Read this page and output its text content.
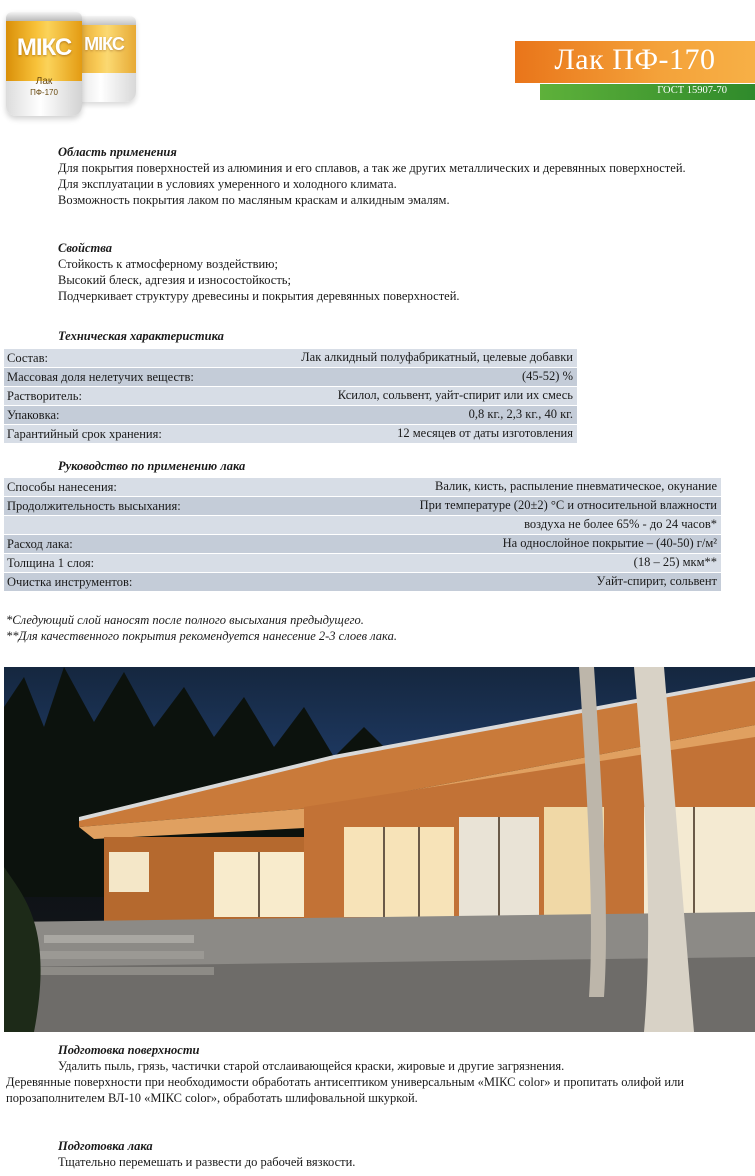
МІКС
МІКС
Лак
ПФ-170
Лак ПФ-170
ГОСТ 15907-70
Область применения
Для покрытия поверхностей из алюминия и его сплавов, а так же других металлических и деревянных поверхностей.
Для эксплуатации в условиях умеренного и холодного климата.
Возможность покрытия лаком по масляным краскам и алкидным эмалям.
Свойства
Стойкость к атмосферному воздействию;
Высокий блеск, адгезия и износостойкость;
Подчеркивает структуру древесины и покрытия деревянных поверхностей.
Техническая характеристика
Состав:	Лак алкидный полуфабрикатный, целевые добавки
Массовая доля нелетучих веществ:	(45-52) %
Растворитель:	Ксилол, сольвент, уайт-спирит или их смесь
Упаковка:	0,8 кг., 2,3 кг., 40 кг.
Гарантийный срок хранения:	12 месяцев от даты изготовления
Руководство по применению лака
Способы нанесения:	Валик, кисть, распыление пневматическое, окунание
Продолжительность высыхания:	При температуре (20±2) °С и относительной влажности
воздуха не более 65% - до 24 часов*
Расход лака:	На однослойное покрытие – (40-50) г/м²
Толщина 1 слоя:	(18 – 25) мкм**
Очистка инструментов:	Уайт-спирит, сольвент
*Следующий слой наносят после полного высыхания предыдущего.
**Для качественного покрытия рекомендуется нанесение 2-3 слоев лака.
Подготовка поверхности
Удалить пыль, грязь, частички старой отслаивающейся краски, жировые и другие загрязнения.
Деревянные поверхности при необходимости обработать антисептиком универсальным «МІКС color» и пропитать олифой или порозаполнителем ВЛ-10 «МІКС color», обработать шлифовальной шкуркой.
Подготовка лака
Тщательно перемешать и развести до рабочей вязкости.
